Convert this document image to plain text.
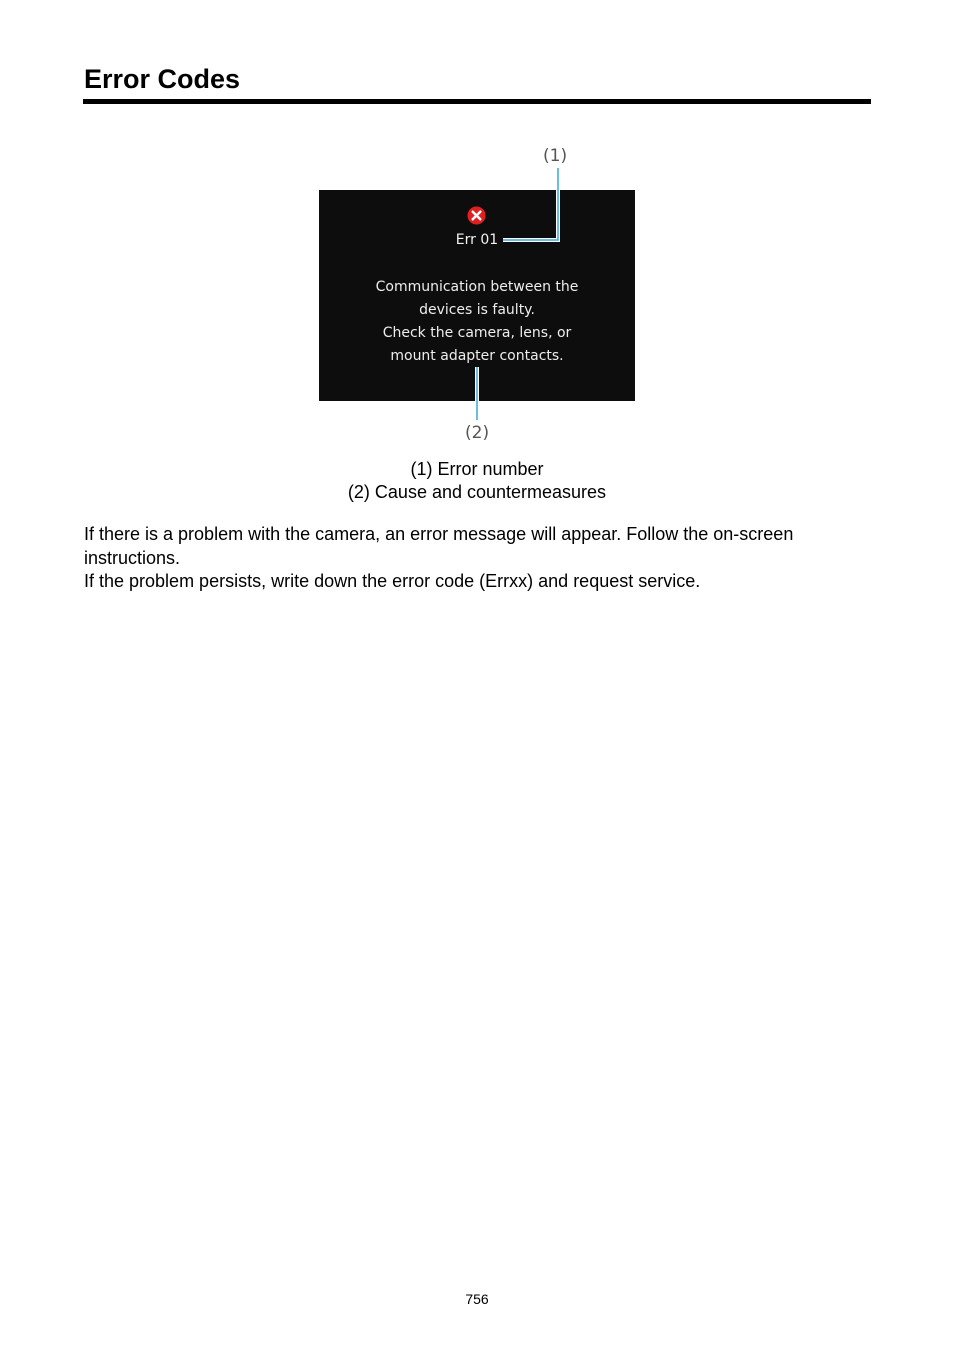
Error Codes
(1)
Err 01
Communication between the
devices is faulty.
Check the camera, lens, or
mount adapter contacts.
(2)
(1) Error number
(2) Cause and countermeasures

If there is a problem with the camera, an error message will appear. Follow the on-screen instructions.

If the problem persists, write down the error code (Errxx) and request service.

756
